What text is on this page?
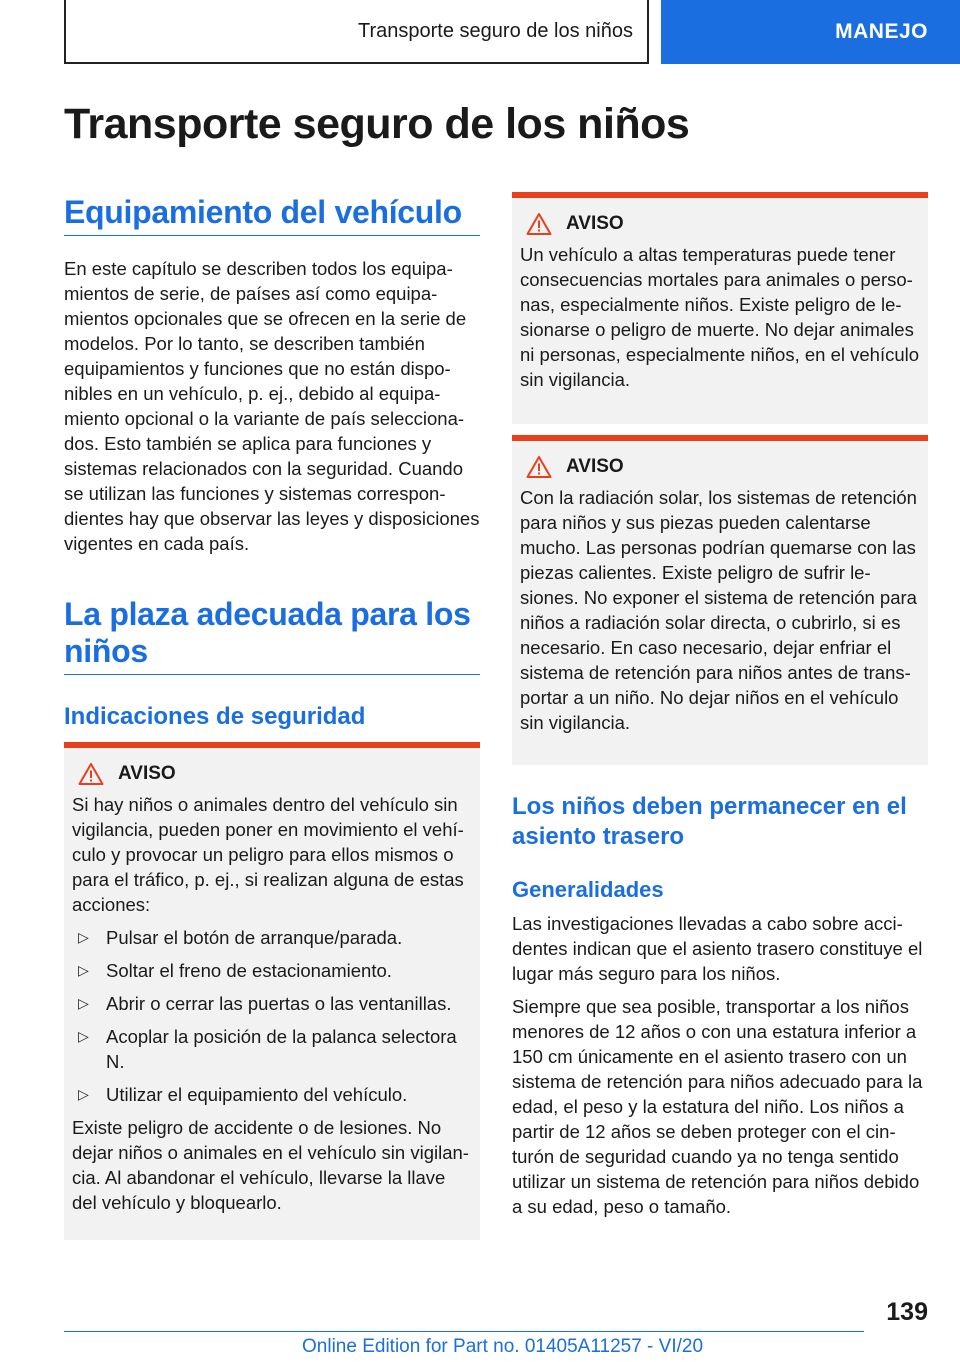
Transporte seguro de los niños	MANEJO
Transporte seguro de los niños
Equipamiento del vehículo

En este capítulo se describen todos los equipamientos de serie, de países así como equipamientos opcionales que se ofrecen en la serie de modelos. Por lo tanto, se describen también equipamientos y funciones que no están disponibles en un vehículo, p. ej., debido al equipamiento opcional o la variante de país seleccionados. Esto también se aplica para funciones y sistemas relacionados con la seguridad. Cuando se utilizan las funciones y sistemas correspondientes hay que observar las leyes y disposiciones vigentes en cada país.

La plaza adecuada para los niños
Indicaciones de seguridad
AVISO

Si hay niños o animales dentro del vehículo sin vigilancia, pueden poner en movimiento el vehículo y provocar un peligro para ellos mismos o para el tráfico, p. ej., si realizan alguna de estas acciones:

▷ Pulsar el botón de arranque/parada.
▷ Soltar el freno de estacionamiento.
▷ Abrir o cerrar las puertas o las ventanillas.
▷ Acoplar la posición de la palanca selectora N.
▷ Utilizar el equipamiento del vehículo.

Existe peligro de accidente o de lesiones. No dejar niños o animales en el vehículo sin vigilancia. Al abandonar el vehículo, llevarse la llave del vehículo y bloquearlo.

AVISO

Un vehículo a altas temperaturas puede tener consecuencias mortales para animales o personas, especialmente niños. Existe peligro de lesionarse o peligro de muerte. No dejar animales ni personas, especialmente niños, en el vehículo sin vigilancia.

AVISO

Con la radiación solar, los sistemas de retención para niños y sus piezas pueden calentarse mucho. Las personas podrían quemarse con las piezas calientes. Existe peligro de sufrir lesiones. No exponer el sistema de retención para niños a radiación solar directa, o cubrirlo, si es necesario. En caso necesario, dejar enfriar el sistema de retención para niños antes de transportar a un niño. No dejar niños en el vehículo sin vigilancia.

Los niños deben permanecer en el asiento trasero
Generalidades

Las investigaciones llevadas a cabo sobre accidentes indican que el asiento trasero constituye el lugar más seguro para los niños.

Siempre que sea posible, transportar a los niños menores de 12 años o con una estatura inferior a 150 cm únicamente en el asiento trasero con un sistema de retención para niños adecuado para la edad, el peso y la estatura del niño. Los niños a partir de 12 años se deben proteger con el cinturón de seguridad cuando ya no tenga sentido utilizar un sistema de retención para niños debido a su edad, peso o tamaño.

139
Online Edition for Part no. 01405A11257 - VI/20
